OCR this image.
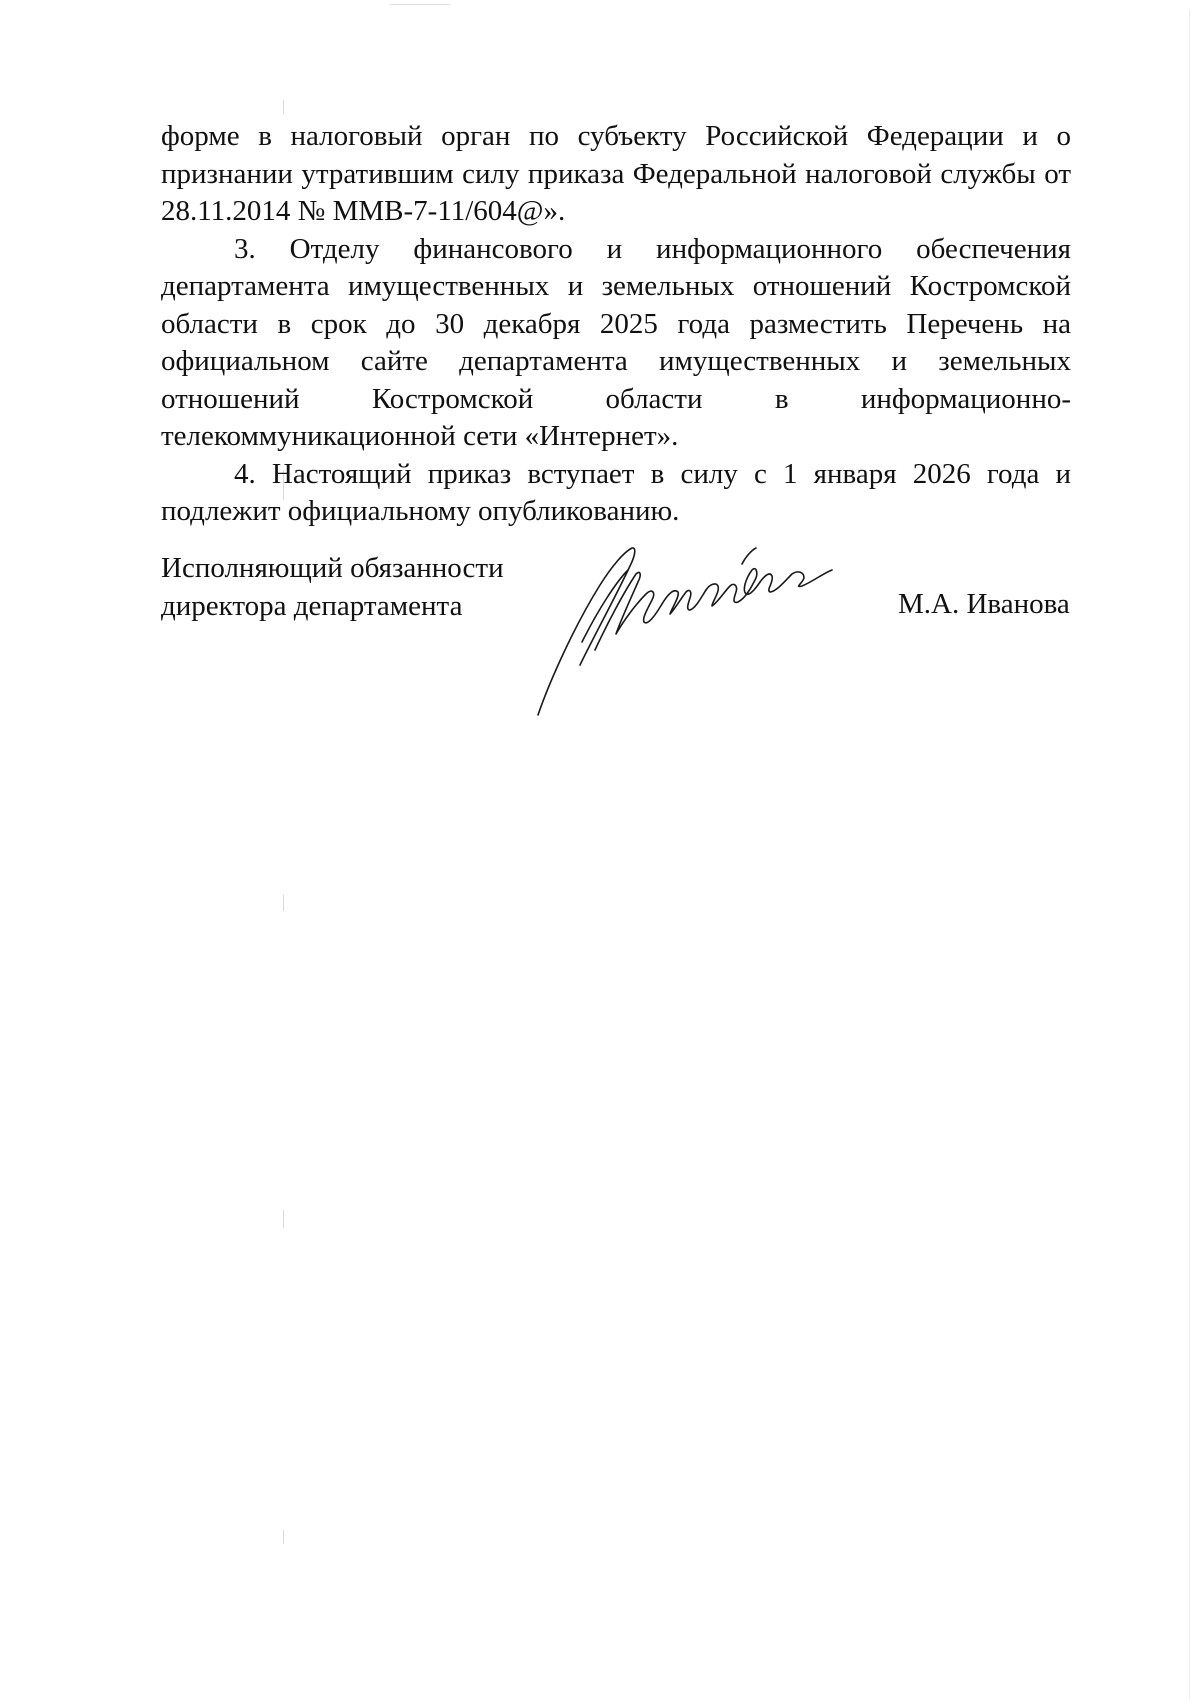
форме в налоговый орган по субъекту Российской Федерации и о признании утратившим силу приказа Федеральной налоговой службы от 28.11.2014 № ММВ-7-11/604@».

3. Отделу финансового и информационного обеспечения департамента имущественных и земельных отношений Костромской области в срок до 30 декабря 2025 года разместить Перечень на официальном сайте департамента имущественных и земельных отношений Костромской области в информационно-телекоммуникационной сети «Интернет».

4. Настоящий приказ вступает в силу с 1 января 2026 года и подлежит официальному опубликованию.

Исполняющий обязанности
директора департамента	М.А. Иванова
